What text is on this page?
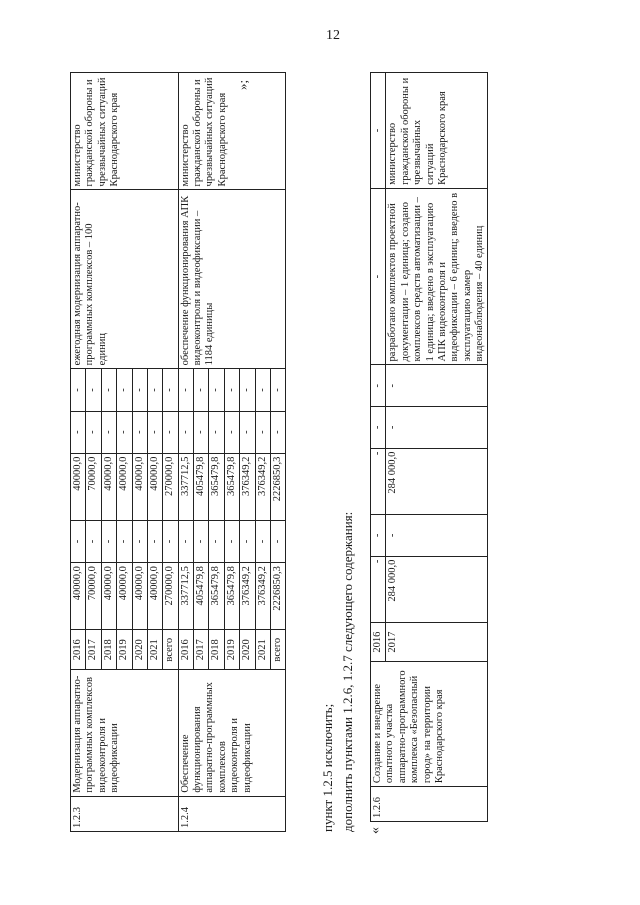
12
1.2.3	Модернизация аппаратно-программных комплексов видеоконтроля и видеофиксации	2016	40000,0	-	40000,0	-	-	ежегодная модернизация аппаратно-программных комплексов – 100 единиц	министерство гражданской обороны и чрезвычайных ситуаций Краснодарского края
		2017	70000,0	-	70000,0	-	-		
		2018	40000,0	-	40000,0	-	-		
		2019	40000,0	-	40000,0	-	-		
		2020	40000,0	-	40000,0	-	-		
		2021	40000,0	-	40000,0	-	-		
		всего	270000,0	-	270000,0	-	-		
1.2.4	Обеспечение функционирования аппаратно-программных комплексов видеоконтроля и видеофиксации	2016	337712,5	-	337712,5	-	-	обеспечение функционирования АПК видеоконтроля и видеофиксации – 1184 единицы	министерство гражданской обороны и чрезвычайных ситуаций Краснодарского края
		2017	405479,8	-	405479,8	-	-		
		2018	365479,8	-	365479,8	-	-		
		2019	365479,8	-	365479,8	-	-		
		2020	376349,2	-	376349,2	-	-		
		2021	376349,2	-	376349,2	-	-		
		всего	2226850,3	-	2226850,3	-	-		
»;
пункт 1.2.5 исключить; дополнить пунктами 1.2.6, 1.2.7 следующего содержания: «
1.2.6	Создание и внедрение опытного участка аппаратно-программного комплекса «Безопасный город» на территории Краснодарского края	2016	-	-	-	-	-	-	-
		2017	284 000,0	-	284 000,0	-	-	разработано комплектов проектной документации – 1 единица; создано комплексов средств автоматизации – 1 единица; введено в эксплуатацию АПК видеоконтроля и видеофиксации – 6 единиц; введено в эксплуатацию камер видеонаблюдения – 40 единиц	министерство гражданской обороны и чрезвычайных ситуаций Краснодарского края
